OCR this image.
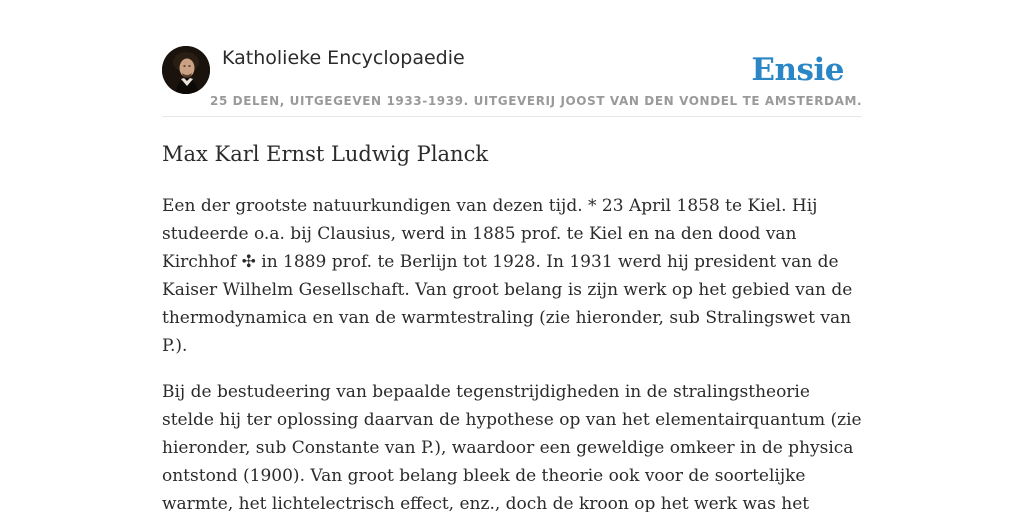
Katholieke Encyclopaedie
25 DELEN, UITGEGEVEN 1933-1939. UITGEVERIJ JOOST VAN DEN VONDEL TE AMSTERDAM.
Ensie
Max Karl Ernst Ludwig Planck

Een der grootste natuurkundigen van dezen tijd. * 23 April 1858 te Kiel. Hij studeerde o.a. bij Clausius, werd in 1885 prof. te Kiel en na den dood van Kirchhof ✣ in 1889 prof. te Berlijn tot 1928. In 1931 werd hij president van de Kaiser Wilhelm Gesellschaft. Van groot belang is zijn werk op het gebied van de thermodynamica en van de warmtestraling (zie hieronder, sub Stralingswet van P.).

Bij de bestudeering van bepaalde tegenstrijdigheden in de stralingstheorie stelde hij ter oplossing daarvan de hypothese op van het elementairquantum (zie hieronder, sub Constante van P.), waardoor een geweldige omkeer in de physica ontstond (1900). Van groot belang bleek de theorie ook voor de soortelijke warmte, het lichtelectrisch effect, enz., doch de kroon op het werk was het
